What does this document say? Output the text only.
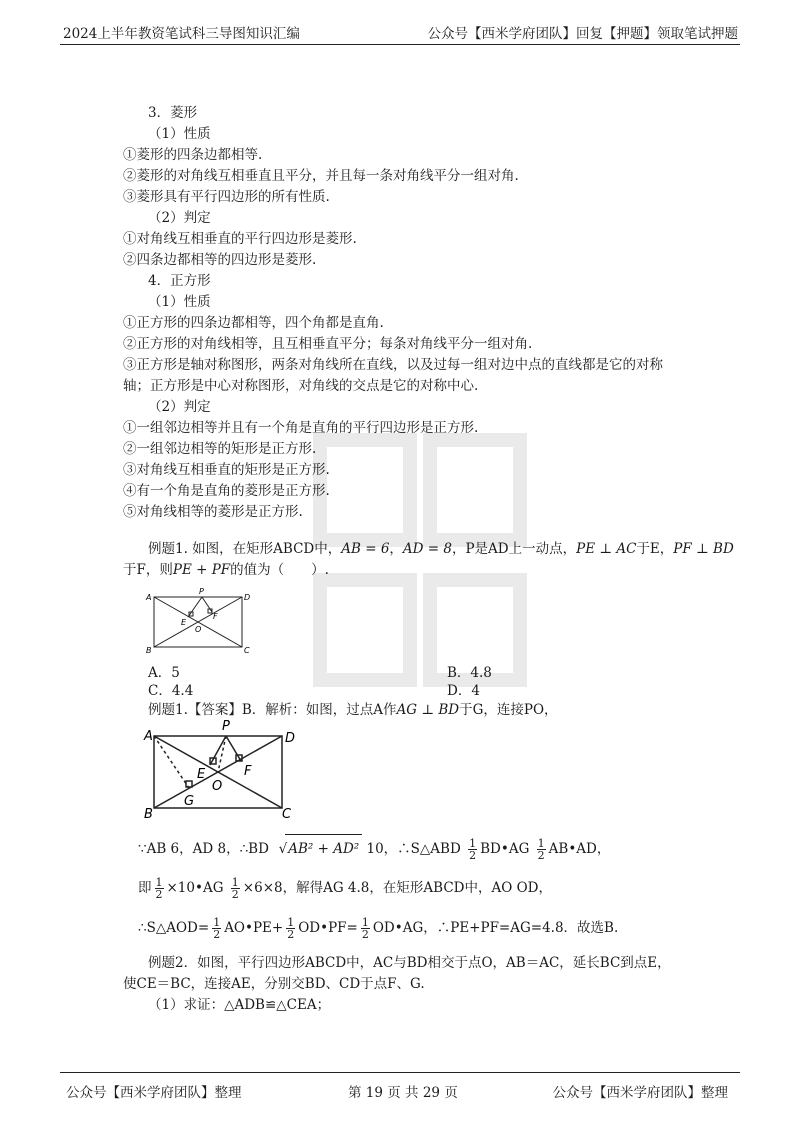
2024上半年教资笔试科三导图知识汇编	公众号【西米学府团队】回复【押题】领取笔试押题
3．菱形
（1）性质
①菱形的四条边都相等.
②菱形的对角线互相垂直且平分，并且每一条对角线平分一组对角.
③菱形具有平行四边形的所有性质.
（2）判定
①对角线互相垂直的平行四边形是菱形.
②四条边都相等的四边形是菱形.
4．正方形
（1）性质
①正方形的四条边都相等，四个角都是直角.
②正方形的对角线相等，且互相垂直平分；每条对角线平分一组对角.
③正方形是轴对称图形，两条对角线所在直线，以及过每一组对边中点的直线都是它的对称
轴；正方形是中心对称图形，对角线的交点是它的对称中心.
（2）判定
①一组邻边相等并且有一个角是直角的平行四边形是正方形.
②一组邻边相等的矩形是正方形.
③对角线互相垂直的矩形是正方形.
④有一个角是直角的菱形是正方形.
⑤对角线相等的菱形是正方形.
例题1. 如图，在矩形ABCD中，AB = 6，AD = 8，P是AD上一动点，PE ⊥ AC于E，PF ⊥ BD
于F，则PE + PF的值为（　　）.
A	D
B	C
P
E
F
O
A．5	B．4.8
C．4.4	D．4
例题1.【答案】B．解析：如图，过点A作AG ⊥ BD于G，连接PO，
A	D
B	C
P
E	F
O
G
∵AB 6，AD 8，∴BD √AB² + AD² 10，∴S△ABD $\frac{1}{2}$ BD•AG $\frac{1}{2}$ AB•AD，
即 $\frac{1}{2}$ ×10•AG $\frac{1}{2} \times 6\times 8$，解得AG 4.8，在矩形ABCD中，AO OD，
∴S△AOD= $\frac{1}{2}$ AO•PE+ $\frac{1}{2}$ OD•PF= $\frac{1}{2}$ OD•AG，∴PE+PF=AG=4.8．故选B.
例题2．如图，平行四边形ABCD中，AC与BD相交于点O，AB＝AC，延长BC到点E，
使CE＝BC，连接AE，分别交BD、CD于点F、G.
（1）求证：△ADB≌△CEA；
公众号【西米学府团队】整理	第 19 页 共 29 页	公众号【西米学府团队】整理
